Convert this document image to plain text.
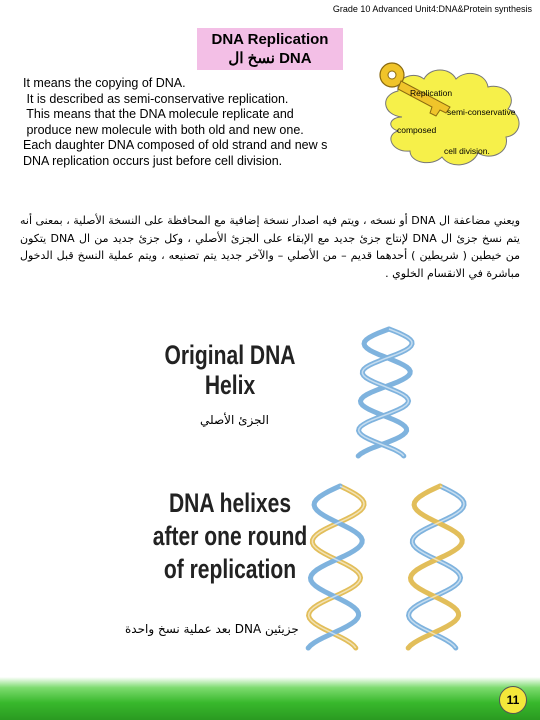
Grade 10 Advanced Unit4:DNA&Protein synthesis
DNA Replication
نسخ ال DNA
It means the copying of DNA.
It is described as semi-conservative replication.
This means that the DNA molecule replicate and
produce new molecule with both old and new one.
Each daughter DNA composed of old strand and new s
DNA replication occurs just before cell division.
Replication
semi-conservative
composed
cell division.
ويعني مضاعفة ال DNA أو نسخه ، ويتم فيه اصدار نسخة إضافية مع المحافظة على النسخة الأصلية ، بمعنى أنه يتم نسخ جزئ ال DNA لإنتاج جزئ جديد مع الإبقاء على الجزئ الأصلي ، وكل جزئ جديد من ال DNA يتكون من خيطين ( شريطين ) أحدهما قديم – من الأصلي – والآخر جديد يتم تصنيعه ، ويتم عملية النسخ قبل الدخول مباشرة في الانقسام الخلوي .
Original DNA
Helix
الجزئ الأصلي
DNA helixes
after one round
of replication
جزيئين DNA بعد عملية نسخ واحدة
11
